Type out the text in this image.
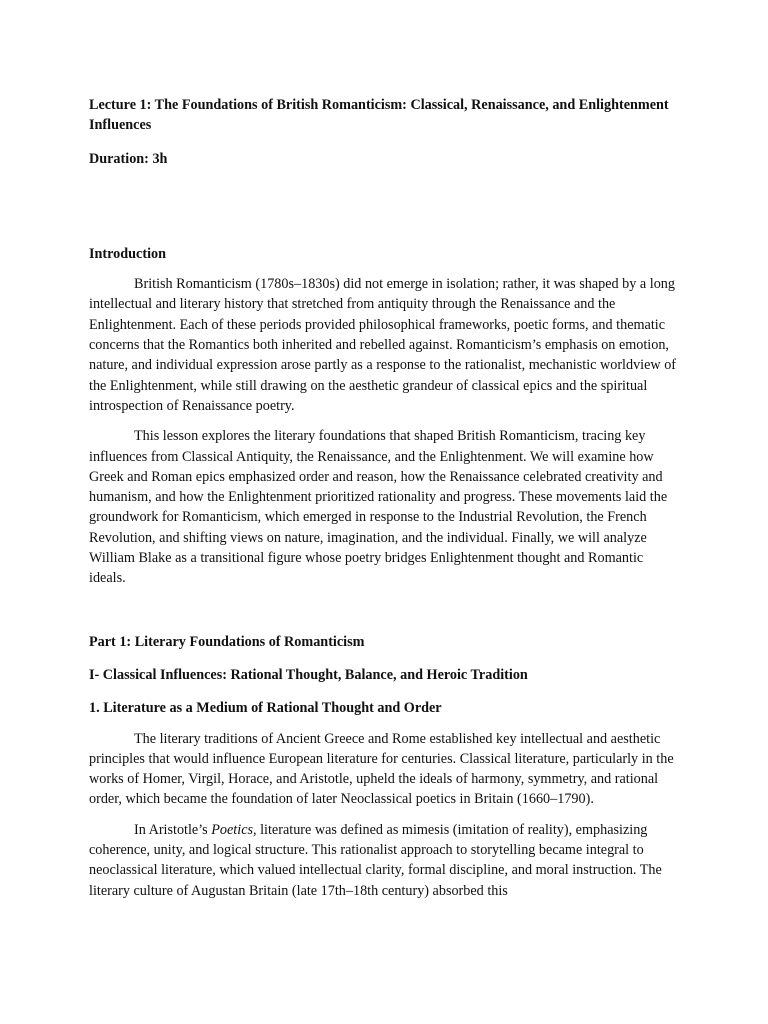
Lecture 1: The Foundations of British Romanticism: Classical, Renaissance, and Enlightenment Influences

Duration: 3h

Introduction

British Romanticism (1780s–1830s) did not emerge in isolation; rather, it was shaped by a long intellectual and literary history that stretched from antiquity through the Renaissance and the Enlightenment. Each of these periods provided philosophical frameworks, poetic forms, and thematic concerns that the Romantics both inherited and rebelled against. Romanticism’s emphasis on emotion, nature, and individual expression arose partly as a response to the rationalist, mechanistic worldview of the Enlightenment, while still drawing on the aesthetic grandeur of classical epics and the spiritual introspection of Renaissance poetry.

This lesson explores the literary foundations that shaped British Romanticism, tracing key influences from Classical Antiquity, the Renaissance, and the Enlightenment. We will examine how Greek and Roman epics emphasized order and reason, how the Renaissance celebrated creativity and humanism, and how the Enlightenment prioritized rationality and progress. These movements laid the groundwork for Romanticism, which emerged in response to the Industrial Revolution, the French Revolution, and shifting views on nature, imagination, and the individual. Finally, we will analyze William Blake as a transitional figure whose poetry bridges Enlightenment thought and Romantic ideals.

Part 1: Literary Foundations of Romanticism

I- Classical Influences: Rational Thought, Balance, and Heroic Tradition

1. Literature as a Medium of Rational Thought and Order

The literary traditions of Ancient Greece and Rome established key intellectual and aesthetic principles that would influence European literature for centuries. Classical literature, particularly in the works of Homer, Virgil, Horace, and Aristotle, upheld the ideals of harmony, symmetry, and rational order, which became the foundation of later Neoclassical poetics in Britain (1660–1790).

In Aristotle’s Poetics, literature was defined as mimesis (imitation of reality), emphasizing coherence, unity, and logical structure. This rationalist approach to storytelling became integral to neoclassical literature, which valued intellectual clarity, formal discipline, and moral instruction. The literary culture of Augustan Britain (late 17th–18th century) absorbed this
